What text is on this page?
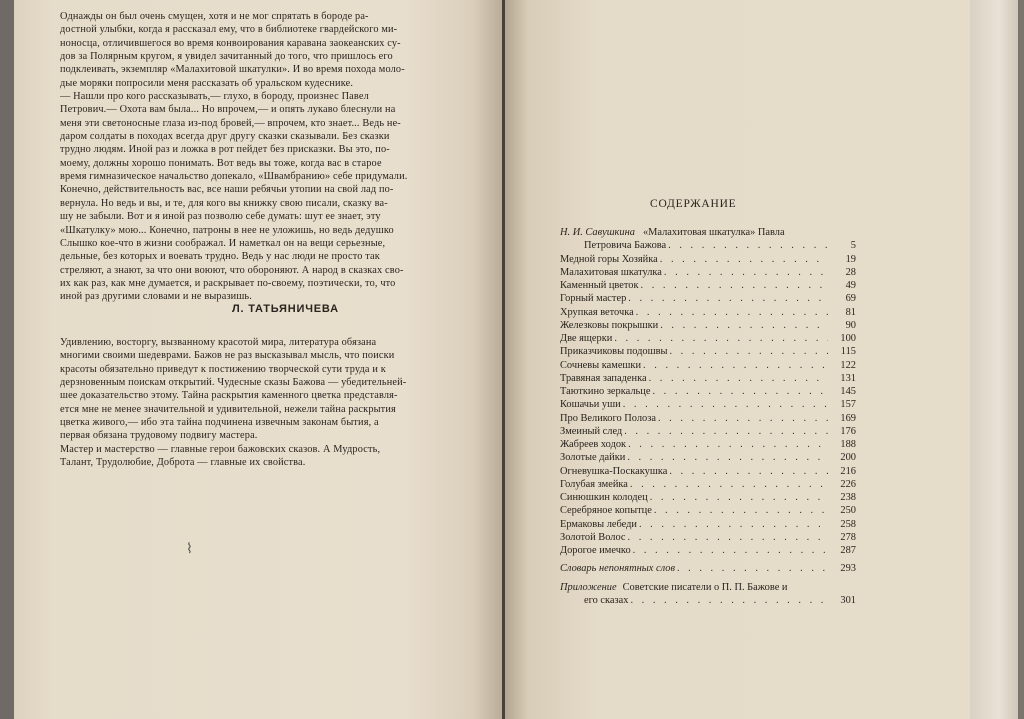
Однажды он был очень смущен, хотя и не мог спрятать в бороде ра-

достной улыбки, когда я рассказал ему, что в библиотеке гвардейского ми-

ноносца, отличившегося во время конвоирования каравана заокеанских су-

дов за Полярным кругом, я увидел зачитанный до того, что пришлось его

подклеивать, экземпляр «Малахитовой шкатулки». И во время похода моло-

дые моряки попросили меня рассказать об уральском кудеснике.

— Нашли про кого рассказывать,— глухо, в бороду, произнес Павел

Петрович.— Охота вам была... Но впрочем,— и опять лукаво блеснули на

меня эти светоносные глаза из-под бровей,— впрочем, кто знает... Ведь не-

даром солдаты в походах всегда друг другу сказки сказывали. Без сказки

трудно людям. Иной раз и ложка в рот пейдет без присказки. Вы это, по-

моему, должны хорошо понимать. Вот ведь вы тоже, когда вас в старое

время гимназическое начальство допекало, «Швамбранию» себе придумали.

Конечно, действительность вас, все наши ребячьи утопии на свой лад по-

вернула. Но ведь и вы, и те, для кого вы книжку свою писали, сказку ва-

шу не забыли. Вот и я иной раз позволю себе думать: шут ее знает, эту

«Шкатулку» мою... Конечно, патроны в нее не уложишь, но ведь дедушко

Слышко кое-что в жизни соображал. И наметкал он на вещи серьезные,

дельные, без которых и воевать трудно. Ведь у нас люди не просто так

стреляют, а знают, за что они воюют, что обороняют. А народ в сказках сво-

их как раз, как мне думается, и раскрывает по-своему, поэтически, то, что

иной раз другими словами и не выразишь.

Л. ТАТЬЯНИЧЕВА

Удивлению, восторгу, вызванному красотой мира, литература обязана

многими своими шедеврами. Бажов не раз высказывал мысль, что поиски

красоты обязательно приведут к постижению творческой сути труда и к

дерзновенным поискам открытий. Чудесные сказы Бажова — убедительней-

шее доказательство этому. Тайна раскрытия каменного цветка представля-

ется мне не менее значительной и удивительной, нежели тайна раскрытия

цветка живого,— ибо эта тайна подчинена извечным законам бытия, а

первая обязана трудовому подвигу мастера.

Мастер и мастерство — главные герои бажовских сказов. А Мудрость,

Талант, Трудолюбие, Доброта — главные их свойства.

⌇
СОДЕРЖАНИЕ
Н. И. Савушкина «Малахитовая шкатулка» Павла
Петровича Бажова . . .	5
Медной горы Хозяйка . . .	19
Малахитовая шкатулка . . .	28
Каменный цветок . . .	49
Горный мастер . . .	69
Хрупкая веточка . . .	81
Железковы покрышки . . .	90
Две ящерки . . .	100
Приказчиковы подошвы . . .	115
Сочневы камешки . . .	122
Травяная западенка . . .	131
Таюткино зеркальце . . .	145
Кошачьи уши . . .	157
Про Великого Полоза . . .	169
Змеиный след . . .	176
Жабреев ходок . . .	188
Золотые дайки . . .	200
Огневушка-Поскакушка . . .	216
Голубая змейка . . .	226
Синюшкин колодец . . .	238
Серебряное копытце . . .	250
Ермаковы лебеди . . .	258
Золотой Волос . . .	278
Дорогое имечко . . .	287
Словарь непонятных слов . . .	293
Приложение Советские писатели о П. П. Бажове и
его сказах . . .	301
